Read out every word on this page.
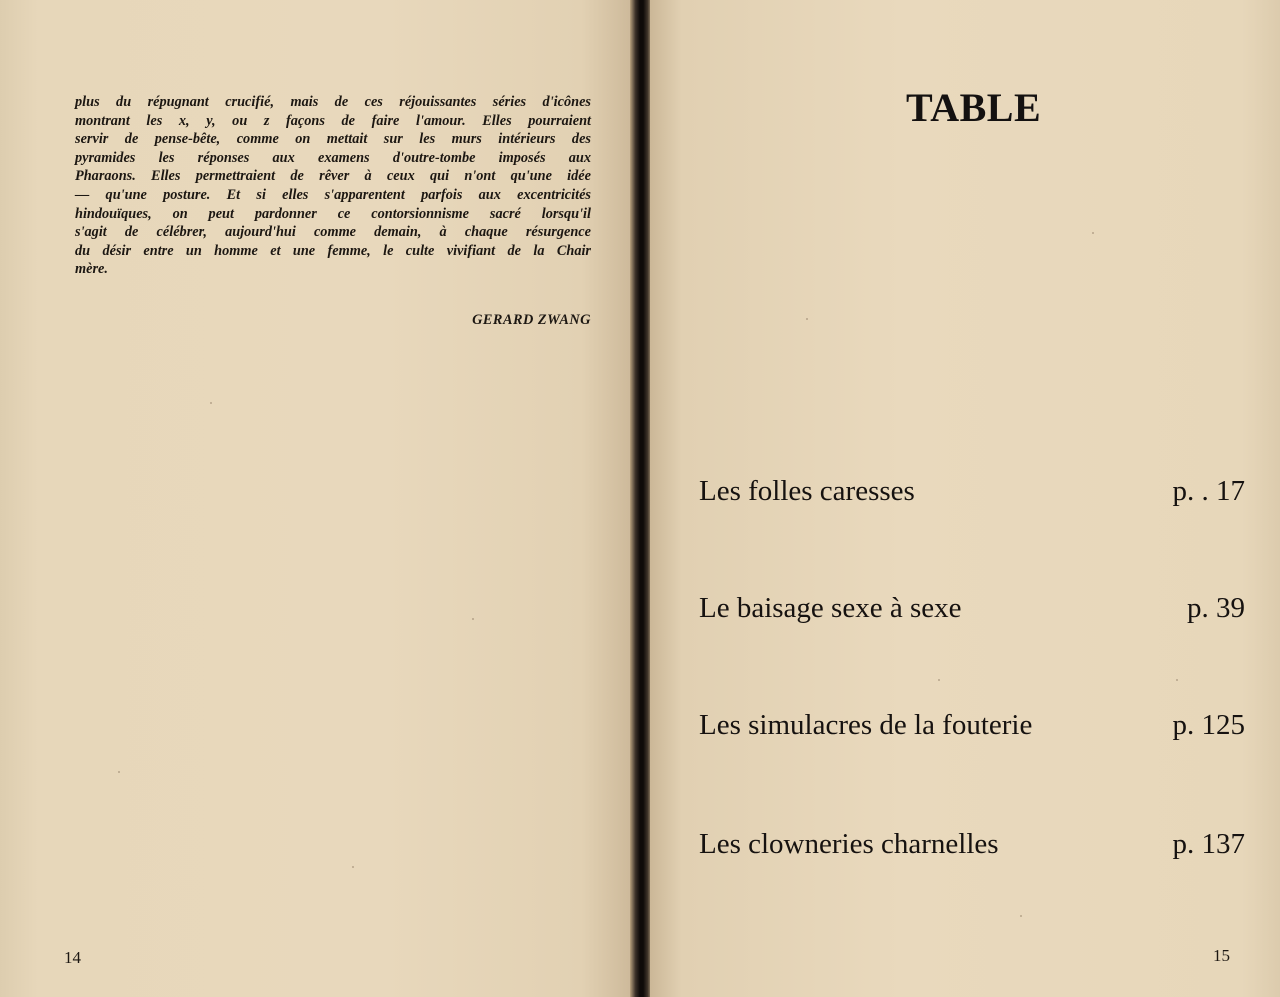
plus du répugnant crucifié, mais de ces réjouissantes séries d'icônes
montrant les x, y, ou z façons de faire l'amour. Elles pourraient
servir de pense-bête, comme on mettait sur les murs intérieurs des
pyramides les réponses aux examens d'outre-tombe imposés aux
Pharaons. Elles permettraient de rêver à ceux qui n'ont qu'une idée
— qu'une posture. Et si elles s'apparentent parfois aux excentricités
hindouïques, on peut pardonner ce contorsionnisme sacré lorsqu'il
s'agit de célébrer, aujourd'hui comme demain, à chaque résurgence
du désir entre un homme et une femme, le culte vivifiant de la Chair
mère.

GERARD ZWANG

14

TABLE
Les folles caresses	p. . 17
Le baisage sexe à sexe	p. 39
Les simulacres de la fouterie	p. 125
Les clowneries charnelles	p. 137

15
